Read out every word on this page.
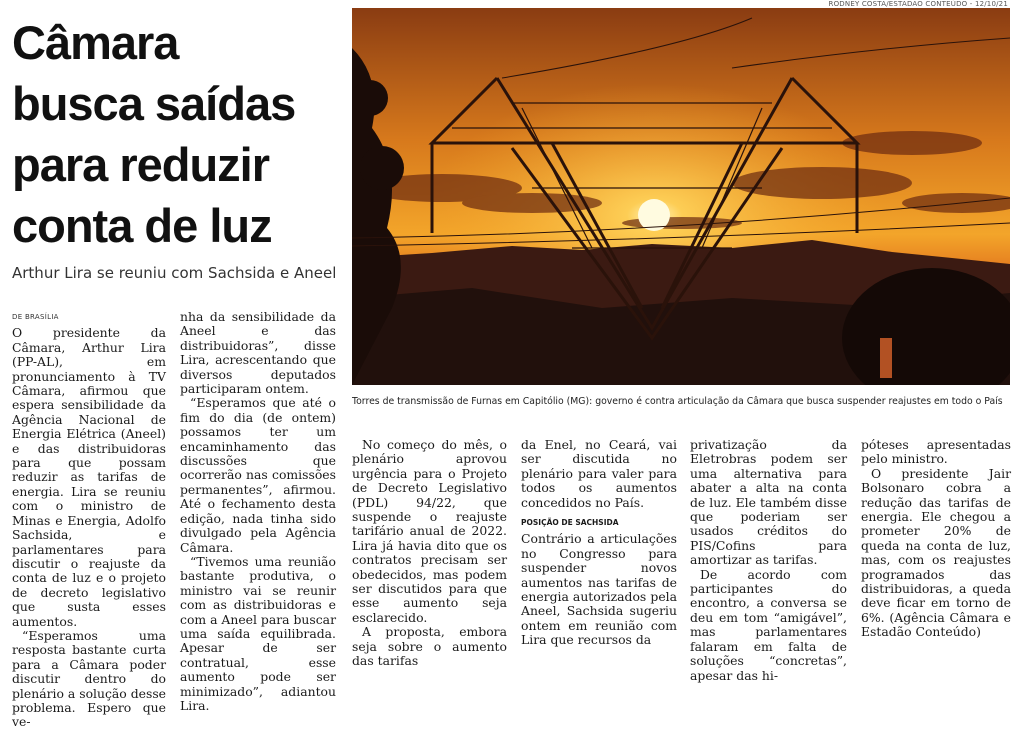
RODNEY COSTA/ESTADÃO CONTEÚDO - 12/10/21
Câmara
busca saídas
para reduzir
conta de luz
Arthur Lira se reuniu com Sachsida e Aneel
Torres de transmissão de Furnas em Capitólio (MG): governo é contra articulação da Câmara que busca suspender reajustes em todo o País
DE BRASÍLIA

O presidente da Câmara, Arthur Lira (PP-AL), em pronunciamento à TV Câmara, afirmou que espera sensibilidade da Agência Nacional de Energia Elétrica (Aneel) e das distribuidoras para que possam reduzir as tarifas de energia. Lira se reuniu com o ministro de Minas e Energia, Adolfo Sachsida, e parlamentares para discutir o reajuste da conta de luz e o projeto de decreto legislativo que susta esses aumentos.

“Esperamos uma resposta bastante curta para a Câmara poder discutir dentro do plenário a solução desse problema. Espero que ve-

nha da sensibilidade da Aneel e das distribuidoras”, disse Lira, acrescentando que diversos deputados participaram ontem.

“Esperamos que até o fim do dia (de ontem) possamos ter um encaminhamento das discussões que ocorrerão nas comissões permanentes”, afirmou. Até o fechamento desta edição, nada tinha sido divulgado pela Agência Câmara.

“Tivemos uma reunião bastante produtiva, o ministro vai se reunir com as distribuidoras e com a Aneel para buscar uma saída equilibrada. Apesar de ser contratual, esse aumento pode ser minimizado”, adiantou Lira.

No começo do mês, o plenário aprovou urgência para o Projeto de Decreto Legislativo (PDL) 94/22, que suspende o reajuste tarifário anual de 2022. Lira já havia dito que os contratos precisam ser obedecidos, mas podem ser discutidos para que esse aumento seja esclarecido.

A proposta, embora seja sobre o aumento das tarifas

da Enel, no Ceará, vai ser discutida no plenário para valer para todos os aumentos concedidos no País.

POSIÇÃO DE SACHSIDA

Contrário a articulações no Congresso para suspender novos aumentos nas tarifas de energia autorizados pela Aneel, Sachsida sugeriu ontem em reunião com Lira que recursos da

privatização da Eletrobras podem ser uma alternativa para abater a alta na conta de luz. Ele também disse que poderiam ser usados créditos do PIS/Cofins para amortizar as tarifas.

De acordo com participantes do encontro, a conversa se deu em tom “amigável”, mas parlamentares falaram em falta de soluções “concretas”, apesar das hi-

póteses apresentadas pelo ministro.

O presidente Jair Bolsonaro cobra a redução das tarifas de energia. Ele chegou a prometer 20% de queda na conta de luz, mas, com os reajustes programados das distribuidoras, a queda deve ficar em torno de 6%. (Agência Câmara e Estadão Conteúdo)
